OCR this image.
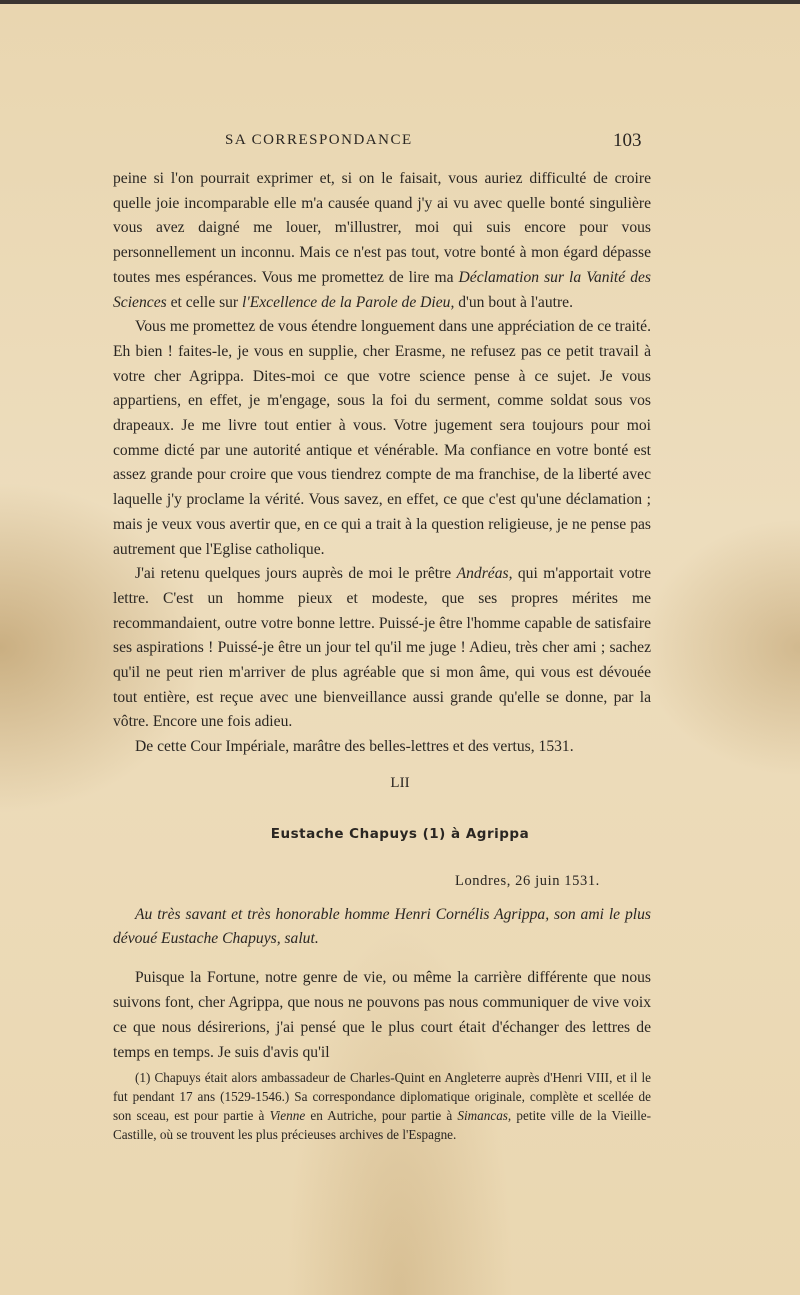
SA CORRESPONDANCE	103

peine si l'on pourrait exprimer et, si on le faisait, vous auriez difficulté de croire quelle joie incomparable elle m'a causée quand j'y ai vu avec quelle bonté singulière vous avez daigné me louer, m'illustrer, moi qui suis encore pour vous personnellement un inconnu. Mais ce n'est pas tout, votre bonté à mon égard dépasse toutes mes espérances. Vous me promettez de lire ma Déclamation sur la Vanité des Sciences et celle sur l'Excellence de la Parole de Dieu, d'un bout à l'autre.

Vous me promettez de vous étendre longuement dans une appréciation de ce traité. Eh bien ! faites-le, je vous en supplie, cher Erasme, ne refusez pas ce petit travail à votre cher Agrippa. Dites-moi ce que votre science pense à ce sujet. Je vous appartiens, en effet, je m'engage, sous la foi du serment, comme soldat sous vos drapeaux. Je me livre tout entier à vous. Votre jugement sera toujours pour moi comme dicté par une autorité antique et vénérable. Ma confiance en votre bonté est assez grande pour croire que vous tiendrez compte de ma franchise, de la liberté avec laquelle j'y proclame la vérité. Vous savez, en effet, ce que c'est qu'une déclamation ; mais je veux vous avertir que, en ce qui a trait à la question religieuse, je ne pense pas autrement que l'Eglise catholique.

J'ai retenu quelques jours auprès de moi le prêtre Andréas, qui m'apportait votre lettre. C'est un homme pieux et modeste, que ses propres mérites me recommandaient, outre votre bonne lettre. Puissé-je être l'homme capable de satisfaire ses aspirations ! Puissé-je être un jour tel qu'il me juge ! Adieu, très cher ami ; sachez qu'il ne peut rien m'arriver de plus agréable que si mon âme, qui vous est dévouée tout entière, est reçue avec une bienveillance aussi grande qu'elle se donne, par la vôtre. Encore une fois adieu.

De cette Cour Impériale, marâtre des belles-lettres et des vertus, 1531.

LII
Eustache Chapuys (1) à Agrippa
Londres, 26 juin 1531.
Au très savant et très honorable homme Henri Cornélis Agrippa, son ami le plus dévoué Eustache Chapuys, salut.

Puisque la Fortune, notre genre de vie, ou même la carrière différente que nous suivons font, cher Agrippa, que nous ne pouvons pas nous communiquer de vive voix ce que nous désirerions, j'ai pensé que le plus court était d'échanger des lettres de temps en temps. Je suis d'avis qu'il

(1) Chapuys était alors ambassadeur de Charles-Quint en Angleterre auprès d'Henri VIII, et il le fut pendant 17 ans (1529-1546.) Sa correspondance diplomatique originale, complète et scellée de son sceau, est pour partie à Vienne en Autriche, pour partie à Simancas, petite ville de la Vieille-Castille, où se trouvent les plus précieuses archives de l'Espagne.
